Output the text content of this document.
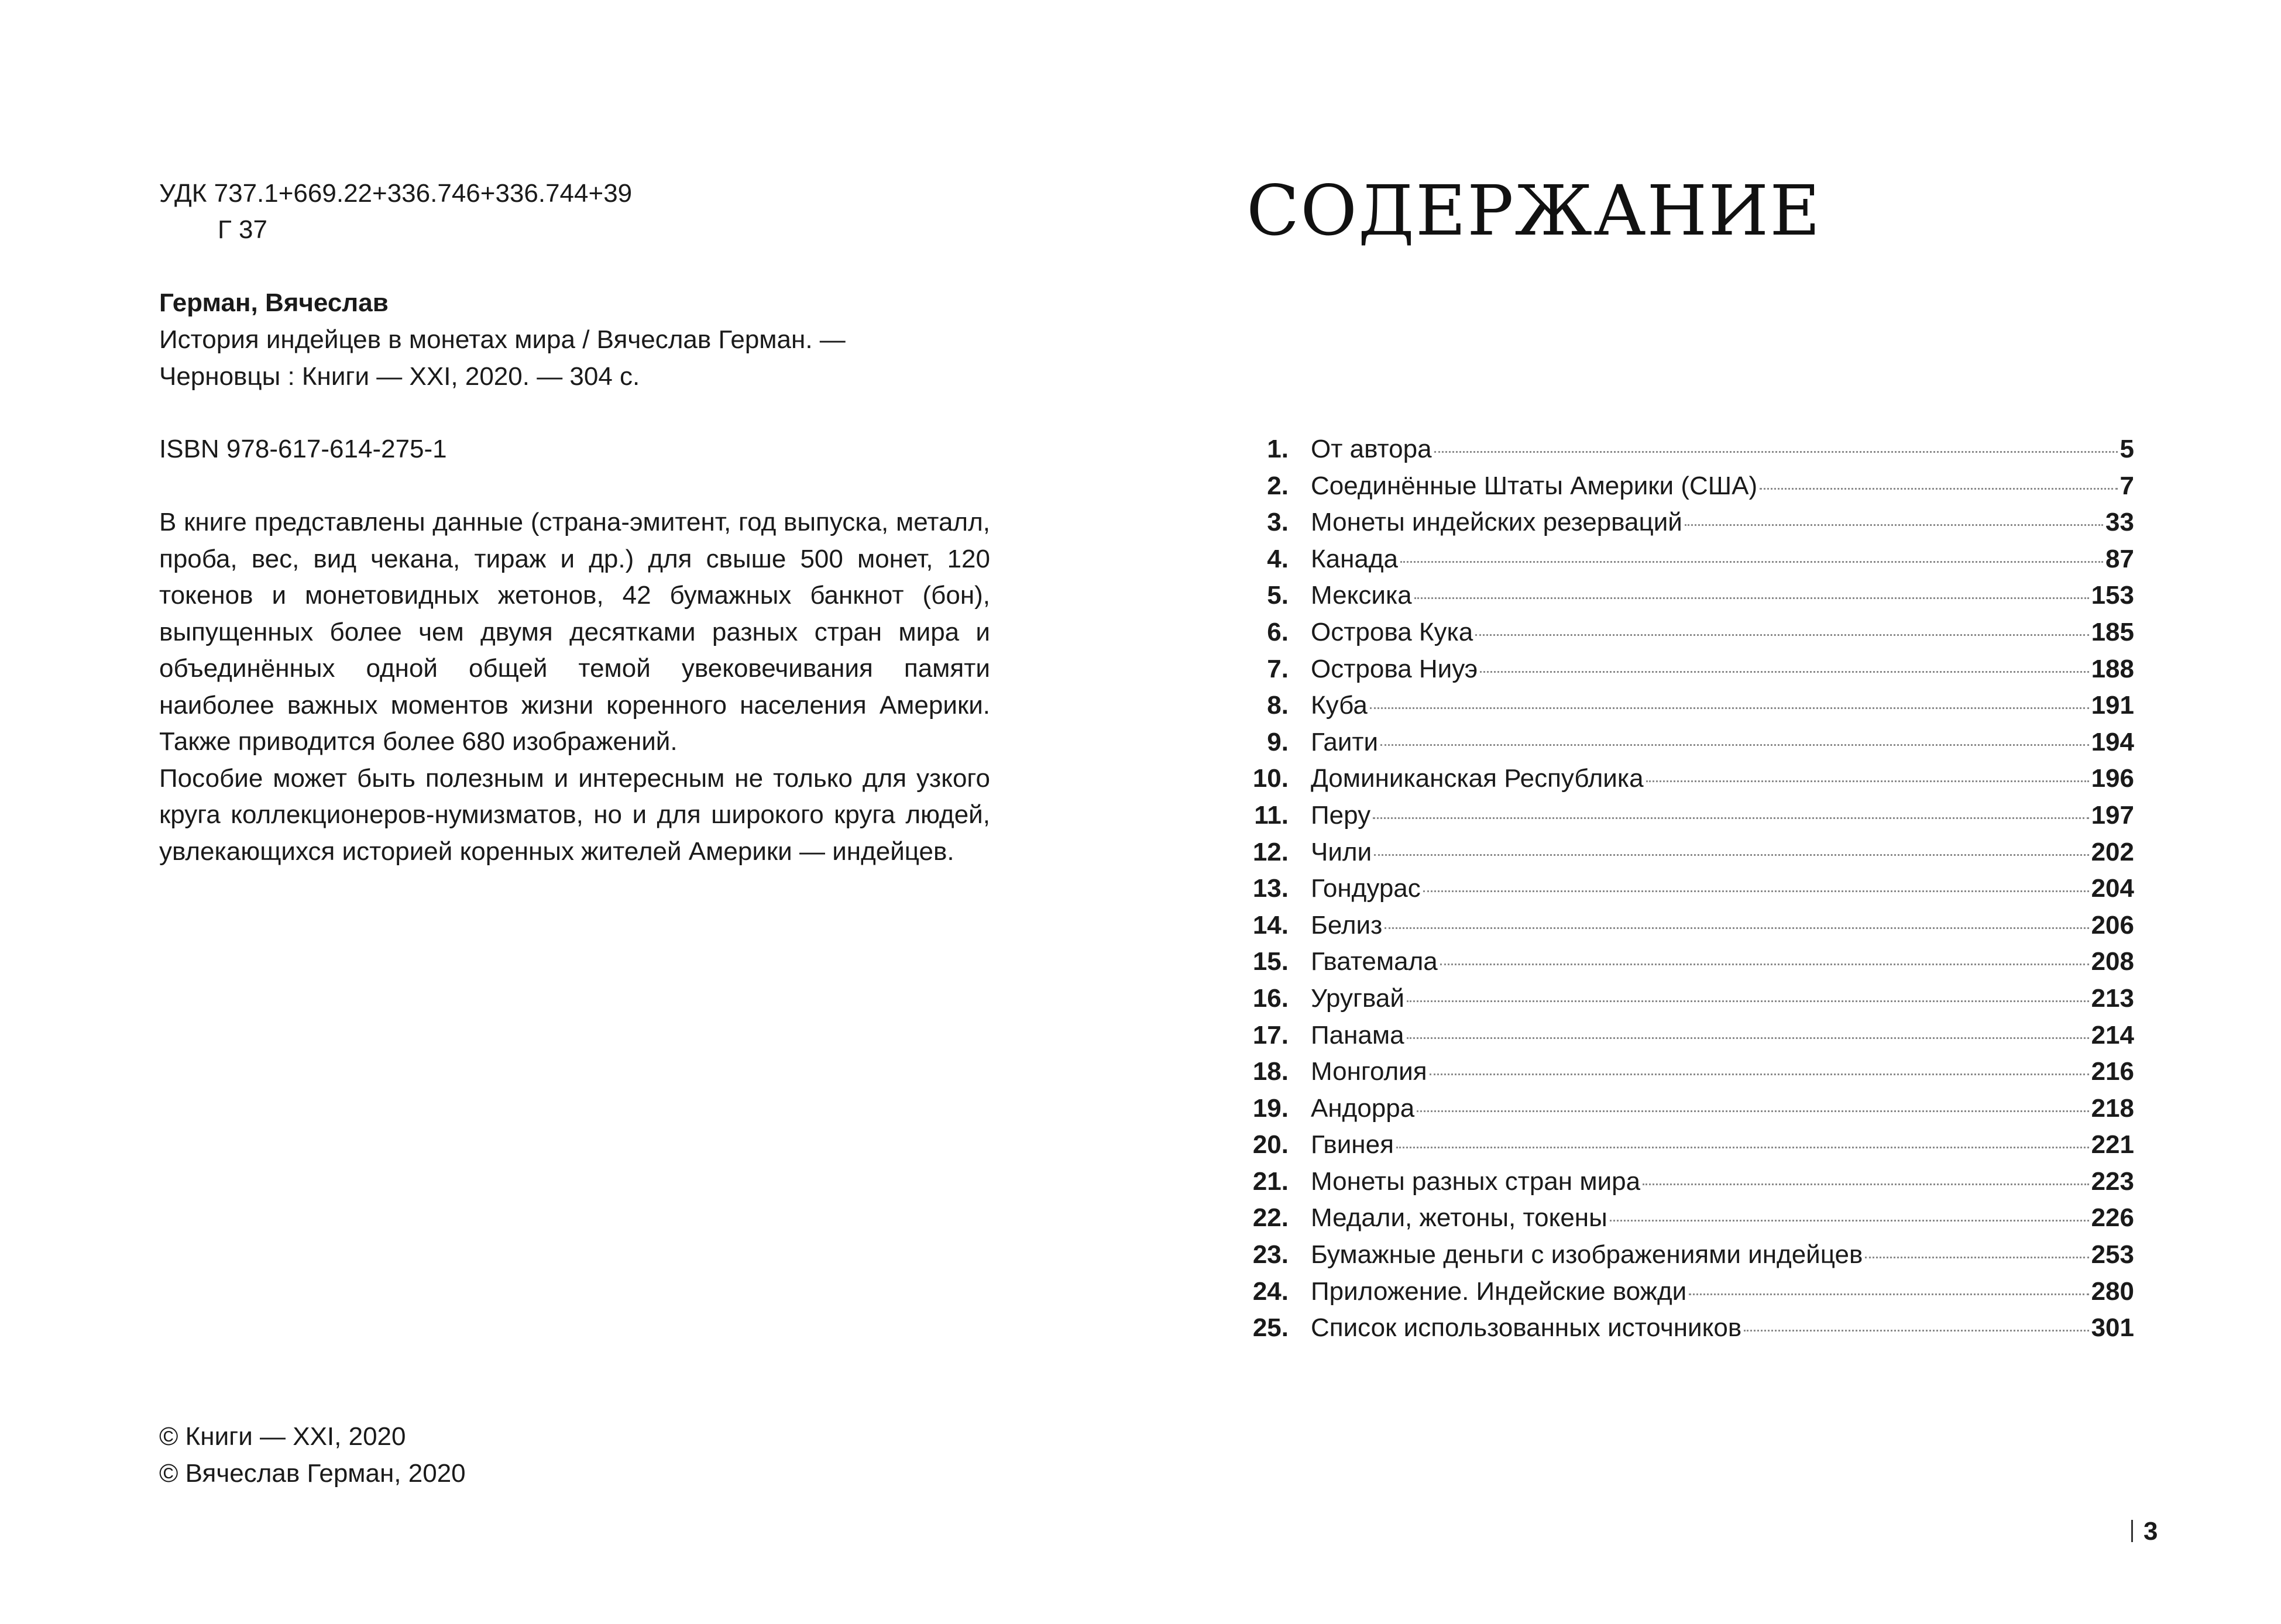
УДК 737.1+669.22+336.746+336.744+39
Г 37
Герман, Вячеслав
История индейцев в монетах мира / Вячеслав Герман. —
Черновцы : Книги — XXI, 2020. — 304 с.
ISBN 978-617-614-275-1

В книге представлены данные (страна-эмитент, год выпуска, металл, проба, вес, вид чекана, тираж и др.) для свыше 500 монет, 120 токенов и монетовидных жетонов, 42 бумажных банкнот (бон), выпущенных более чем двумя десятками разных стран мира и объединённых одной общей темой увековечивания памяти наиболее важных моментов жизни коренного населения Америки. Также приводится более 680 изображений.

Пособие может быть полезным и интересным не только для узкого круга коллекционеров-нумизматов, но и для широкого круга людей, увлекающихся историей коренных жителей Америки — индейцев.

© Книги — XXI, 2020
© Вячеслав Герман, 2020
СОДЕРЖАНИЕ
1. От автора	5
2. Соединённые Штаты Америки (США)	7
3. Монеты индейских резерваций	33
4. Канада	87
5. Мексика	153
6. Острова Кука	185
7. Острова Ниуэ	188
8. Куба	191
9. Гаити	194
10. Доминиканская Республика	196
11. Перу	197
12. Чили	202
13. Гондурас	204
14. Белиз	206
15. Гватемала	208
16. Уругвай	213
17. Панама	214
18. Монголия	216
19. Андорра	218
20. Гвинея	221
21. Монеты разных стран мира	223
22. Медали, жетоны, токены	226
23. Бумажные деньги с изображениями индейцев	253
24. Приложение. Индейские вожди	280
25. Список использованных источников	301
3
